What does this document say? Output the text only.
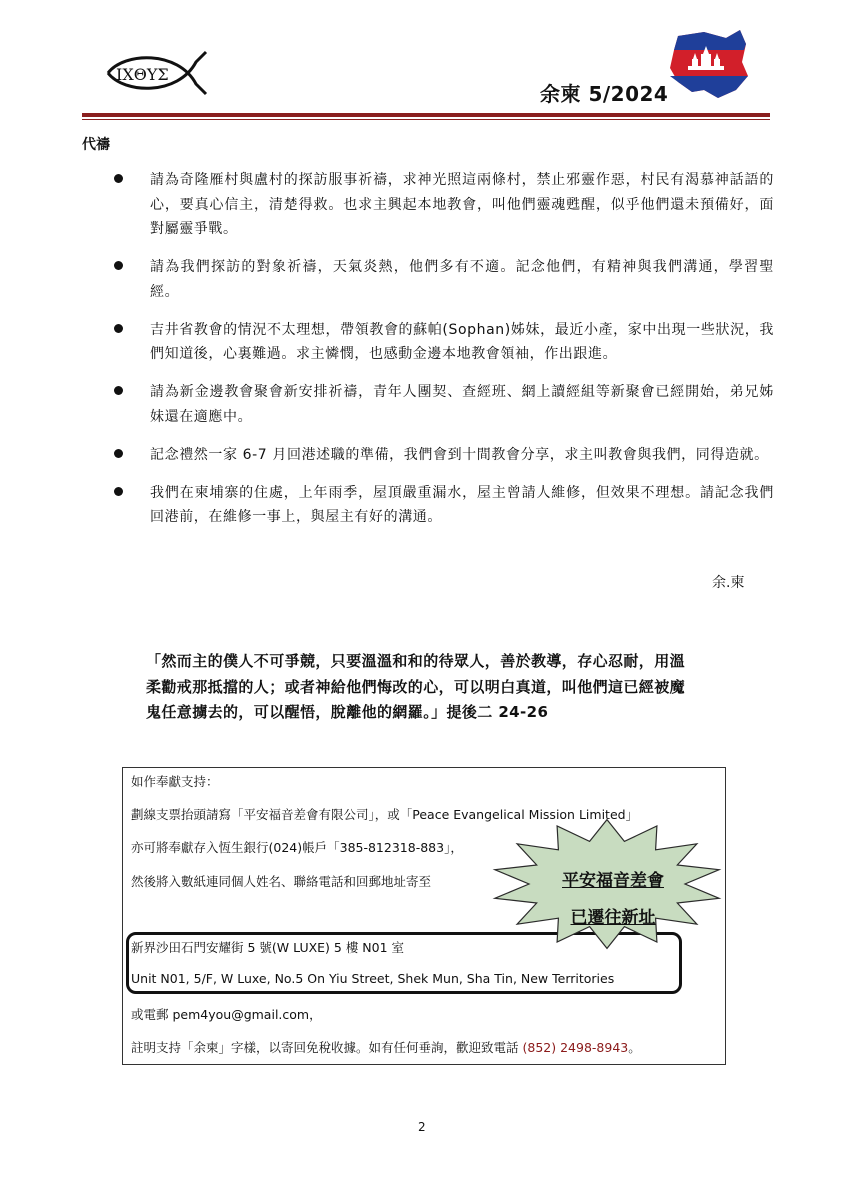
ΙΧΘΥΣ
余柬 5/2024
代禱
請為奇隆雁村與盧村的探訪服事祈禱，求神光照這兩條村，禁止邪靈作惡，村民有渴慕神話語的心，要真心信主，清楚得救。也求主興起本地教會，叫他們靈魂甦醒，似乎他們還未預備好，面對屬靈爭戰。
請為我們探訪的對象祈禱，天氣炎熱，他們多有不適。記念他們，有精神與我們溝通，學習聖經。
吉井省教會的情況不太理想，帶領教會的蘇帕(Sophan)姊妹，最近小產，家中出現一些狀況，我們知道後，心裏難過。求主憐憫，也感動金邊本地教會領袖，作出跟進。
請為新金邊教會聚會新安排祈禱，青年人團契、查經班、網上讀經組等新聚會已經開始，弟兄姊妹還在適應中。
記念禮然一家 6-7 月回港述職的準備，我們會到十間教會分享，求主叫教會與我們，同得造就。
我們在柬埔寨的住處，上年雨季，屋頂嚴重漏水，屋主曾請人維修，但效果不理想。請記念我們回港前，在維修一事上，與屋主有好的溝通。
余.柬
「然而主的僕人不可爭競，只要溫溫和和的待眾人，善於教導，存心忍耐，用溫
柔勸戒那抵擋的人；或者神給他們悔改的心，可以明白真道，叫他們這已經被魔
鬼任意擄去的，可以醒悟，脫離他的網羅。」提後二 24-26
如作奉獻支持：
劃線支票抬頭請寫「平安福音差會有限公司」，或「Peace Evangelical Mission Limited」
亦可將奉獻存入恆生銀行(024)帳戶「385-812318-883」，
然後將入數紙連同個人姓名、聯絡電話和回郵地址寄至
新界沙田石門安耀街 5 號(W LUXE) 5 樓 N01 室
Unit N01, 5/F, W Luxe, No.5 On Yiu Street, Shek Mun, Sha Tin, New Territories
或電郵 pem4you@gmail.com，
註明支持「余柬」字樣，以寄回免稅收據。如有任何垂詢，歡迎致電話 (852) 2498-8943。
平安福音差會
已遷往新址
2
